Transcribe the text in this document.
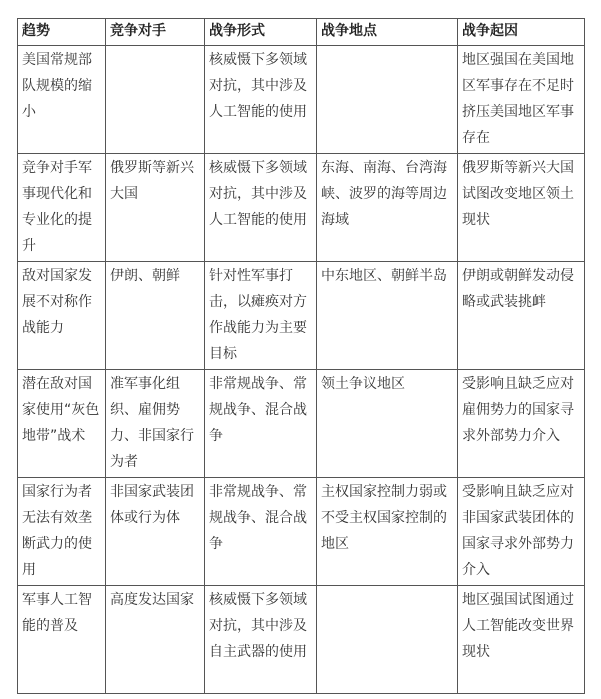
趋势	竞争对手	战争形式	战争地点	战争起因
美国常规部队规模的缩小		核威慑下多领域对抗，其中涉及人工智能的使用		地区强国在美国地区军事存在不足时挤压美国地区军事存在
竞争对手军事现代化和专业化的提升	俄罗斯等新兴大国	核威慑下多领域对抗，其中涉及人工智能的使用	东海、南海、台湾海峡、波罗的海等周边海域	俄罗斯等新兴大国试图改变地区领土现状
敌对国家发展不对称作战能力	伊朗、朝鲜	针对性军事打击，以瘫痪对方作战能力为主要目标	中东地区、朝鲜半岛	伊朗或朝鲜发动侵略或武装挑衅
潜在敌对国家使用“灰色地带”战术	准军事化组织、雇佣势力、非国家行为者	非常规战争、常规战争、混合战争	领土争议地区	受影响且缺乏应对雇佣势力的国家寻求外部势力介入
国家行为者无法有效垄断武力的使用	非国家武装团体或行为体	非常规战争、常规战争、混合战争	主权国家控制力弱或不受主权国家控制的地区	受影响且缺乏应对非国家武装团体的国家寻求外部势力介入
军事人工智能的普及	高度发达国家	核威慑下多领域对抗，其中涉及自主武器的使用		地区强国试图通过人工智能改变世界现状
